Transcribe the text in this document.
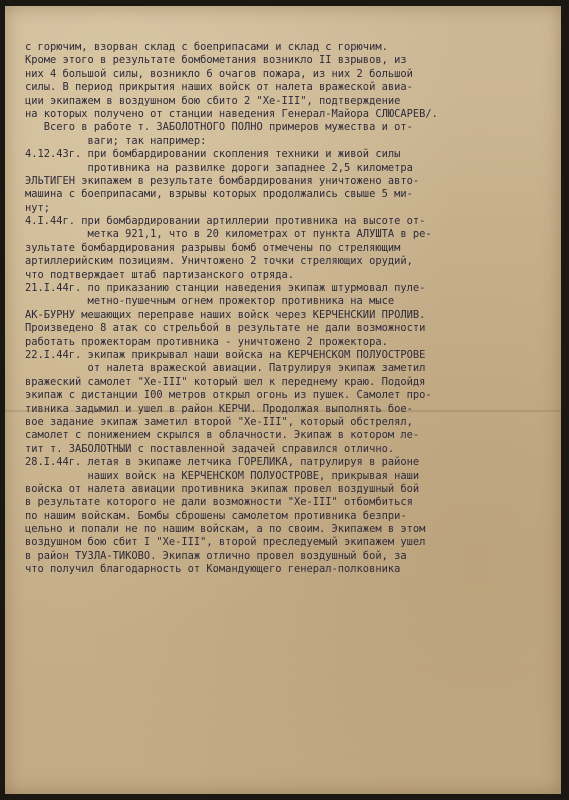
с горючим, взорван склад с боеприпасами и склад с горючим.
Кроме этого в результате бомбометания возникло II взрывов, из
них 4 большой силы, возникло 6 очагов пожара, из них 2 большой
силы. В период прикрытия наших войск от налета вражеской авиа-
ции экипажем в воздушном бою сбито 2 "Хе-III", подтверждение
на которых получено от станции наведения Генерал-Майора СЛЮСАРЕВ/.
Всего в работе т. ЗАБОЛОТНОГО ПОЛНО примеров мужества и от-
ваги; так например:
4.12.43г. при бомбардировании скопления техники и живой силы
противника на развилке дороги западнее 2,5 километра
ЭЛЬТИГЕН экипажем в результате бомбардирования уничтожено авто-
машина с боеприпасами, взрывы которых продолжались свыше 5 ми-
нут;
4.I.44г. при бомбардировании артиллерии противника на высоте от-
метка 921,1, что в 20 километрах от пункта АЛУШТА в ре-
зультате бомбардирования разрывы бомб отмечены по стреляющим
артиллерийским позициям. Уничтожено 2 точки стреляющих орудий,
что подтверждает штаб партизанского отряда.
21.I.44г. по приказанию станции наведения экипаж штурмовал пуле-
метно-пушечным огнем прожектор противника на мысе
АК-БУРНУ мешающих переправе наших войск через КЕРЧЕНСКИЙ ПРОЛИВ.
Произведено 8 атак со стрельбой в результате не дали возможности
работать прожекторам противника - уничтожено 2 прожектора.
22.I.44г. экипаж прикрывал наши войска на КЕРЧЕНСКОМ ПОЛУОСТРОВЕ
от налета вражеской авиации. Патрулируя экипаж заметил
вражеский самолет "Хе-III" который шел к переднему краю. Подойдя
экипаж с дистанции I00 метров открыл огонь из пушек. Самолет про-
тивника задымил и ушел в район КЕРЧИ. Продолжая выполнять бое-
вое задание экипаж заметил второй "Хе-III", который обстрелял,
самолет с понижением скрылся в облачности. Экипаж в котором ле-
тит т. ЗАБОЛОТНЫЙ с поставленной задачей справился отлично.
28.I.44г. летая в экипаже летчика ГОРЕЛИКА, патрулируя в районе
наших войск на КЕРЧЕНСКОМ ПОЛУОСТРОВЕ, прикрывая наши
войска от налета авиации противника экипаж провел воздушный бой
в результате которого не дали возможности "Хе-III" отбомбиться
по нашим войскам. Бомбы сброшены самолетом противника безпри-
цельно и попали не по нашим войскам, а по своим. Экипажем в этом
воздушном бою сбит I "Хе-III", второй преследуемый экипажем ушел
в район ТУЗЛА-ТИКОВО. Экипаж отлично провел воздушный бой, за
что получил благодарность от Командующего генерал-полковника
